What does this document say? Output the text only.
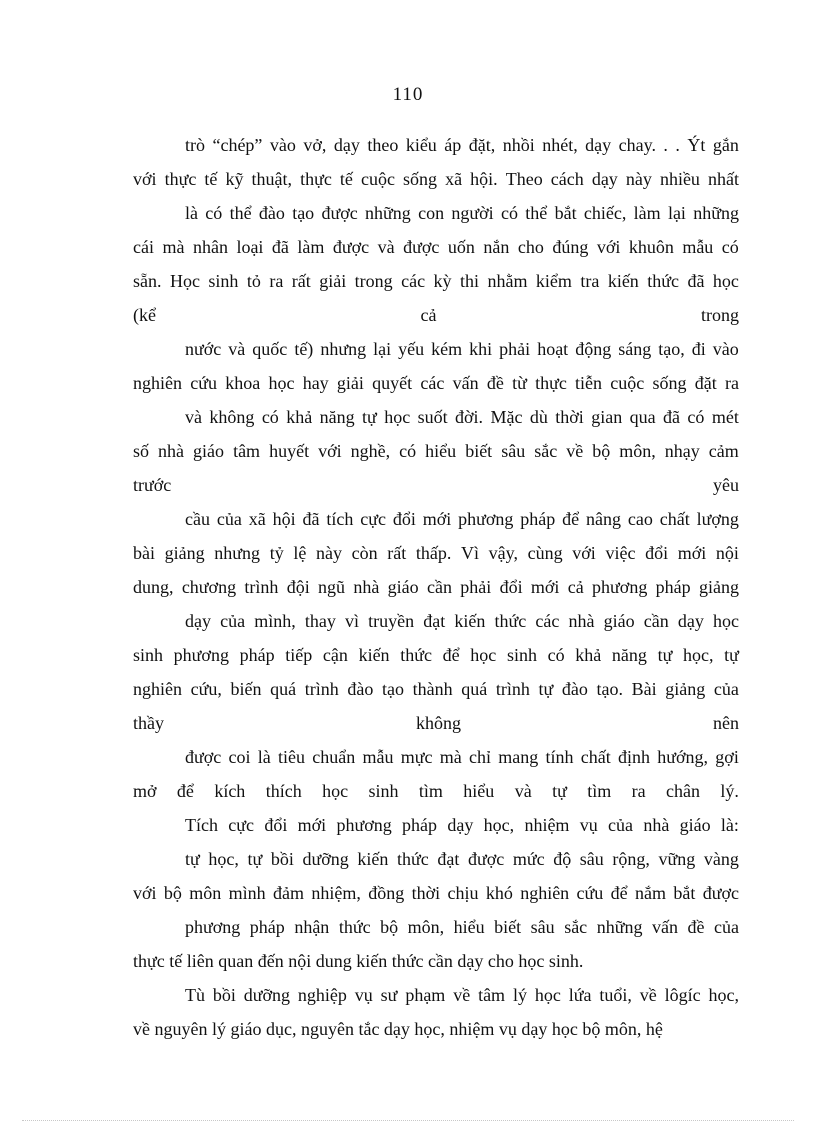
110
trò “chép” vào vở, dạy theo kiểu áp đặt, nhồi nhét, dạy chay. . . Ýt gắn
với thực tế kỹ thuật, thực tế cuộc sống xã hội. Theo cách dạy này nhiều nhất
là có thể đào tạo được những con người có thể bắt chiếc, làm lại những
cái mà nhân loại đã làm được và được uốn nắn cho đúng với khuôn mẫu có
sẵn. Học sinh tỏ ra rất giải trong các kỳ thi nhằm kiểm tra kiến thức đã học
(kể	cả	trong
nước và quốc tế) nhưng lại yếu kém khi phải hoạt động sáng tạo, đi vào
nghiên cứu khoa học hay giải quyết các vấn đề từ thực tiễn cuộc sống đặt ra
và không có khả năng tự học suốt đời. Mặc dù thời gian qua đã có mét
số nhà giáo tâm huyết với nghề, có hiểu biết sâu sắc về bộ môn, nhạy cảm
trước	yêu
cầu của xã hội đã tích cực đổi mới phương pháp để nâng cao chất lượng
bài giảng nhưng tỷ lệ này còn rất thấp. Vì vậy, cùng với việc đổi mới nội
dung, chương trình đội ngũ nhà giáo cần phải đổi mới cả phương pháp giảng
dạy của mình, thay vì truyền đạt kiến thức các nhà giáo cần dạy học
sinh phương pháp tiếp cận kiến thức để học sinh có khả năng tự học, tự
nghiên cứu, biến quá trình đào tạo thành quá trình tự đào tạo. Bài giảng của
thầy	không	nên
được coi là tiêu chuẩn mẫu mực mà chỉ mang tính chất định hướng, gợi
mở để kích thích học sinh tìm hiểu và tự tìm ra chân lý.
Tích cực đổi mới phương pháp dạy học, nhiệm vụ của nhà giáo là:
tự học, tự bồi dưỡng kiến thức đạt được mức độ sâu rộng, vững vàng
với bộ môn mình đảm nhiệm, đồng thời chịu khó nghiên cứu để nắm bắt được
phương pháp nhận thức bộ môn, hiểu biết sâu sắc những vấn đề của
thực tế liên quan đến nội dung kiến thức cần dạy cho học sinh.
Tù bồi dưỡng nghiệp vụ sư phạm về tâm lý học lứa tuổi, về lôgíc học,
về nguyên lý giáo dục, nguyên tắc dạy học, nhiệm vụ dạy học bộ môn, hệ
